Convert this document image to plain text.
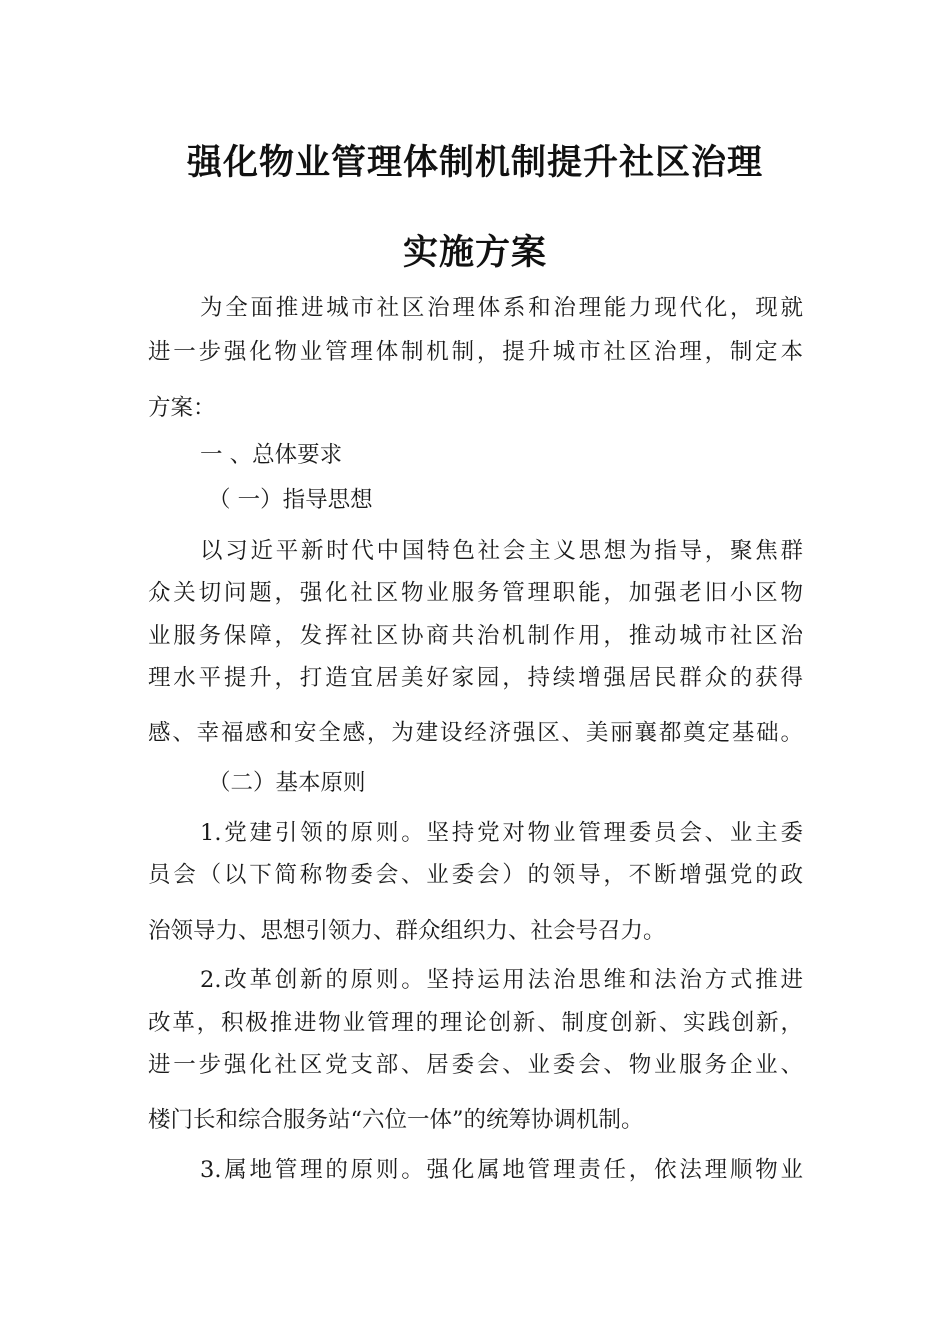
强化物业管理体制机制提升社区治理
实施方案
为全面推进城市社区治理体系和治理能力现代化，现就
进一步强化物业管理体制机制，提升城市社区治理，制定本
方案：
一 、总体要求
（ 一）指导思想
以习近平新时代中国特色社会主义思想为指导，聚焦群
众关切问题，强化社区物业服务管理职能，加强老旧小区物
业服务保障，发挥社区协商共治机制作用，推动城市社区治
理水平提升，打造宜居美好家园，持续增强居民群众的获得
感、幸福感和安全感，为建设经济强区、美丽襄都奠定基础。
（二）基本原则
1.党建引领的原则。坚持党对物业管理委员会、业主委
员会（以下简称物委会、业委会）的领导，不断增强党的政
治领导力、思想引领力、群众组织力、社会号召力。
2.改革创新的原则。坚持运用法治思维和法治方式推进
改革，积极推进物业管理的理论创新、制度创新、实践创新，
进一步强化社区党支部、居委会、业委会、物业服务企业、
楼门长和综合服务站“六位一体”的统筹协调机制。
3.属地管理的原则。强化属地管理责任，依法理顺物业
